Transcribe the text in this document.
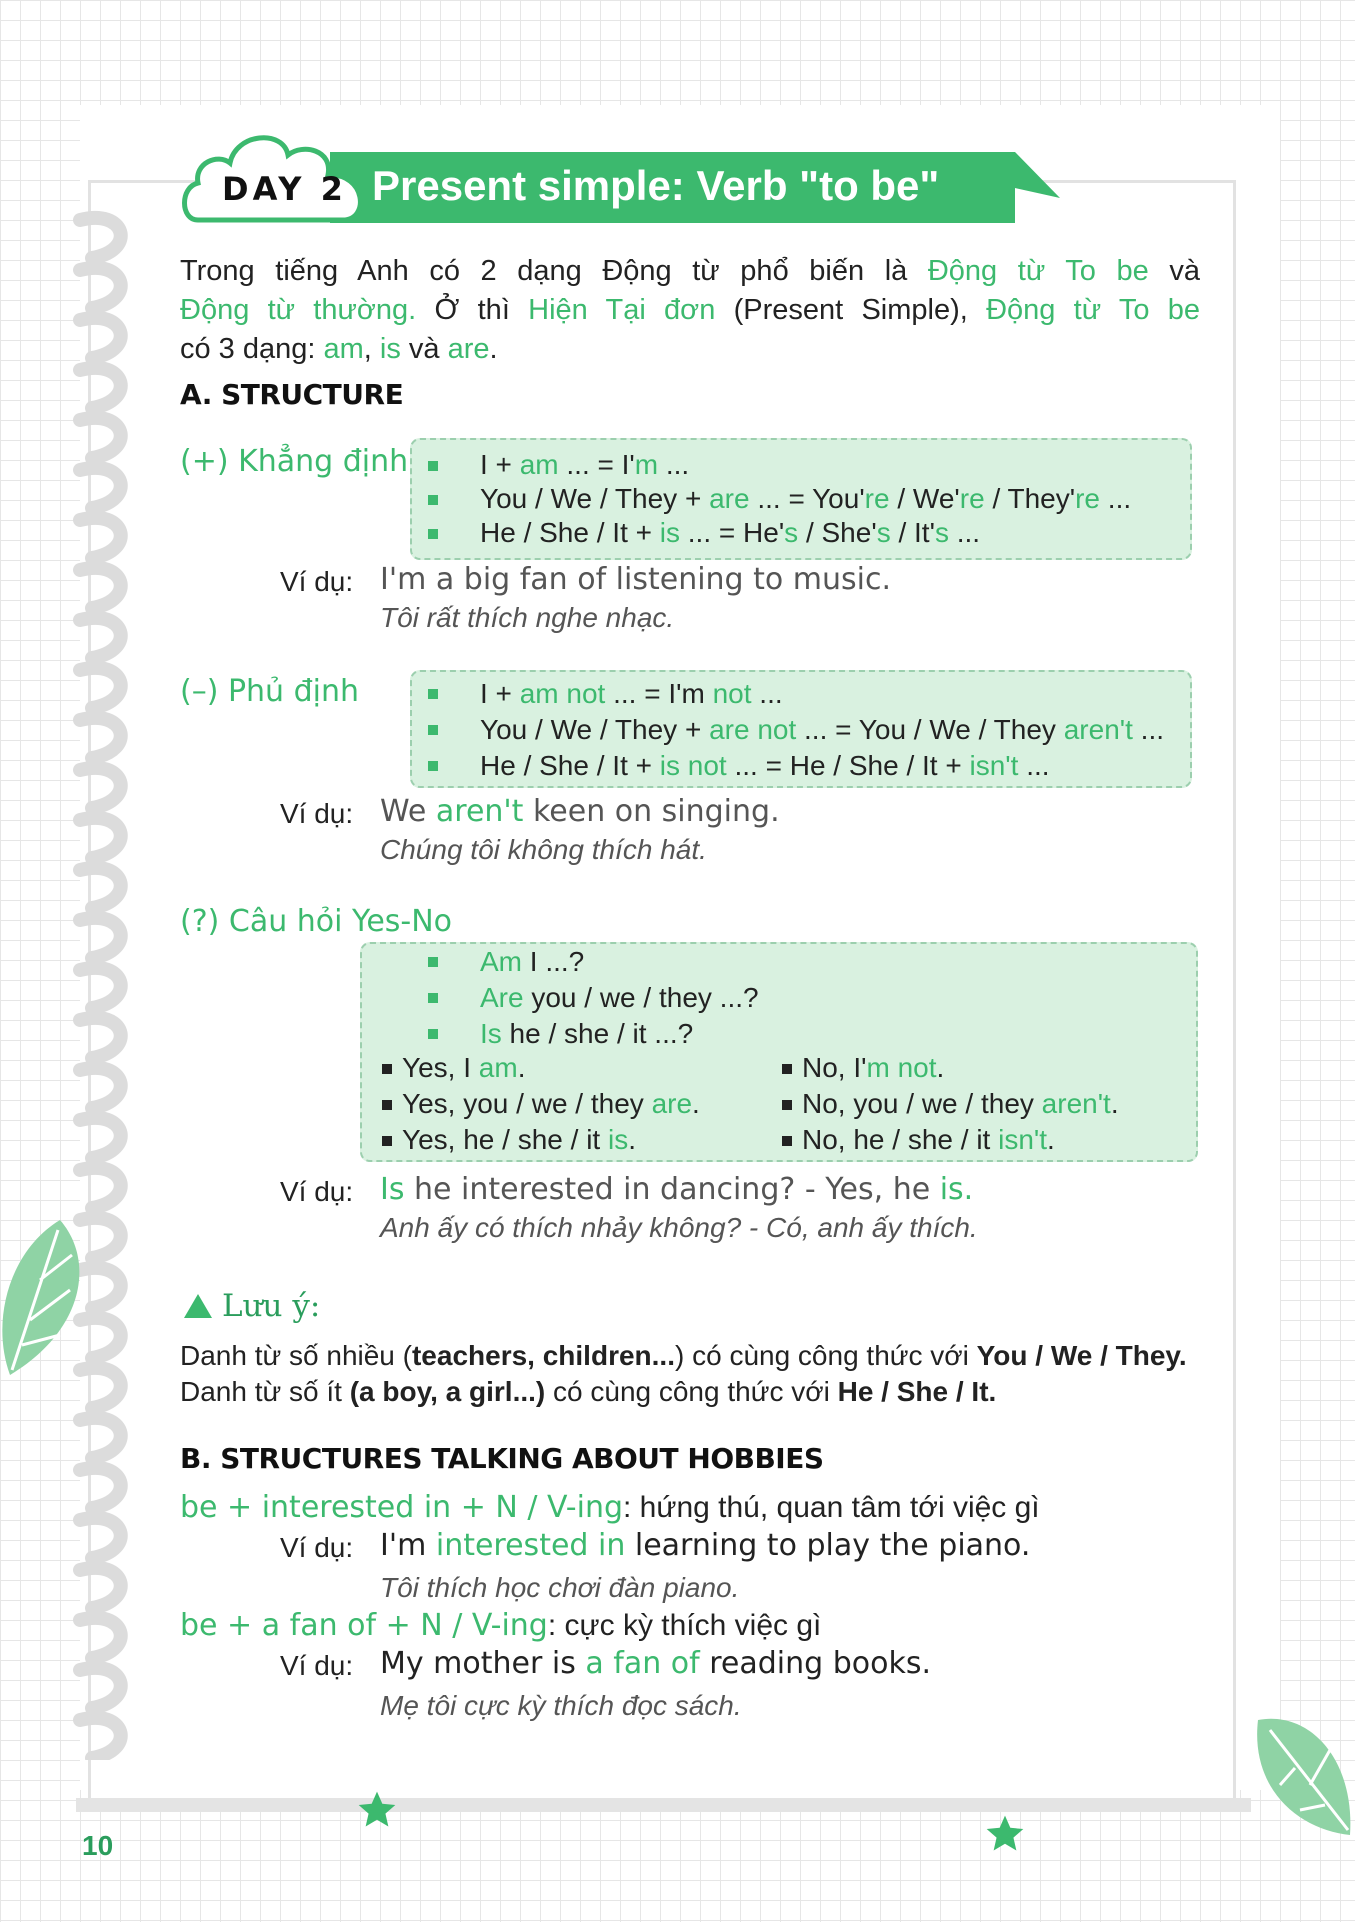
10
DAY 2 Present simple: Verb "to be"

Trong tiếng Anh có 2 dạng Động từ phổ biến là Động từ To be và

Động từ thường. Ở thì Hiện Tại đơn (Present Simple), Động từ To be

có 3 dạng: am, is và are.

A. STRUCTURE
(+) Khẳng định	I + am ... = I'm ...
You / We / They + are ... = You're / We're / They're ...
He / She / It + is ... = He's / She's / It's ...
Ví dụ: I'm a big fan of listening to music.
Tôi rất thích nghe nhạc.
(–) Phủ định	I + am not ... = I'm not ...
You / We / They + are not ... = You / We / They aren't ...
He / She / It + is not ... = He / She / It + isn't ...
Ví dụ: We aren't keen on singing.
Chúng tôi không thích hát.
(?) Câu hỏi Yes-No
Am I ...?
Are you / we / they ...?
Is he / she / it ...?
Yes, I am.
Yes, you / we / they are.
Yes, he / she / it is.
No, I'm not.
No, you / we / they aren't.
No, he / she / it isn't.
Ví dụ: Is he interested in dancing? - Yes, he is.
Anh ấy có thích nhảy không? - Có, anh ấy thích.
Lưu ý:
Danh từ số nhiều (teachers, children...) có cùng công thức với You / We / They.
Danh từ số ít (a boy, a girl...) có cùng công thức với He / She / It.
B. STRUCTURES TALKING ABOUT HOBBIES
be + interested in + N / V-ing: hứng thú, quan tâm tới việc gì
Ví dụ: I'm interested in learning to play the piano.
Tôi thích học chơi đàn piano.
be + a fan of + N / V-ing: cực kỳ thích việc gì
Ví dụ: My mother is a fan of reading books.
Mẹ tôi cực kỳ thích đọc sách.
